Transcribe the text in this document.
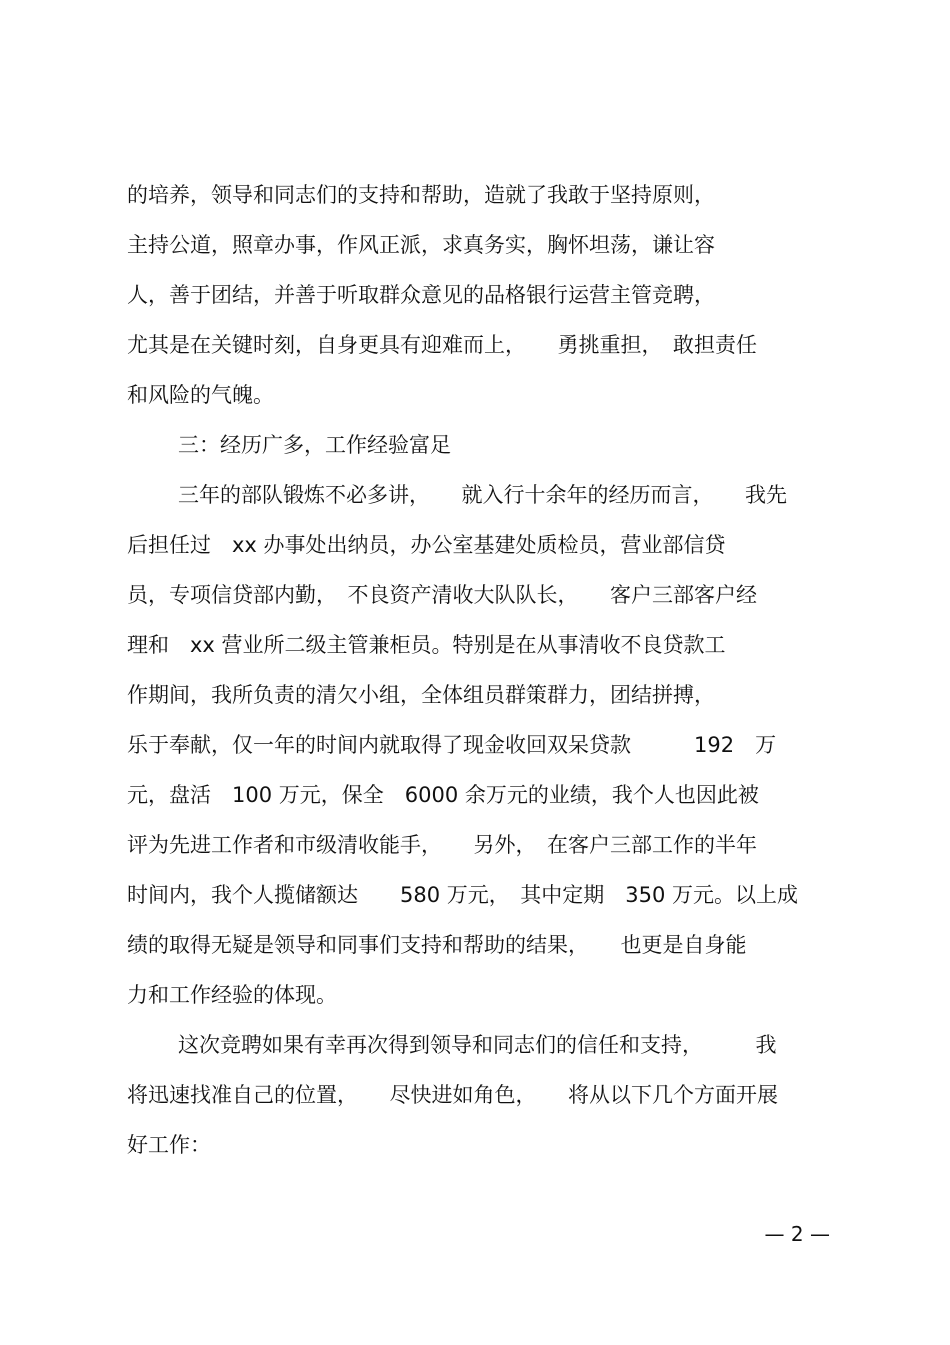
的培养，领导和同志们的支持和帮助，造就了我敢于坚持原则，
主持公道，照章办事，作风正派，求真务实，胸怀坦荡，谦让容
人，善于团结，并善于听取群众意见的品格银行运营主管竞聘，
尤其是在关键时刻，自身更具有迎难而上，　　勇挑重担，　敢担责任
和风险的气魄。
三：经历广多，工作经验富足
三年的部队锻炼不必多讲，　　就入行十余年的经历而言，　　我先
后担任过　xx 办事处出纳员，办公室基建处质检员，营业部信贷
员，专项信贷部内勤，　不良资产清收大队队长，　　客户三部客户经
理和　xx 营业所二级主管兼柜员。特别是在从事清收不良贷款工
作期间，我所负责的清欠小组，全体组员群策群力，团结拼搏，
乐于奉献，仅一年的时间内就取得了现金收回双呆贷款　　　192　万
元，盘活　100 万元，保全　6000 余万元的业绩，我个人也因此被
评为先进工作者和市级清收能手，　　另外，　在客户三部工作的半年
时间内，我个人揽储额达　　580 万元，　其中定期　350 万元。以上成
绩的取得无疑是领导和同事们支持和帮助的结果，　　也更是自身能
力和工作经验的体现。
这次竞聘如果有幸再次得到领导和同志们的信任和支持，　　　我
将迅速找准自己的位置，　　尽快进如角色，　　将从以下几个方面开展
好工作：
— 2 —
